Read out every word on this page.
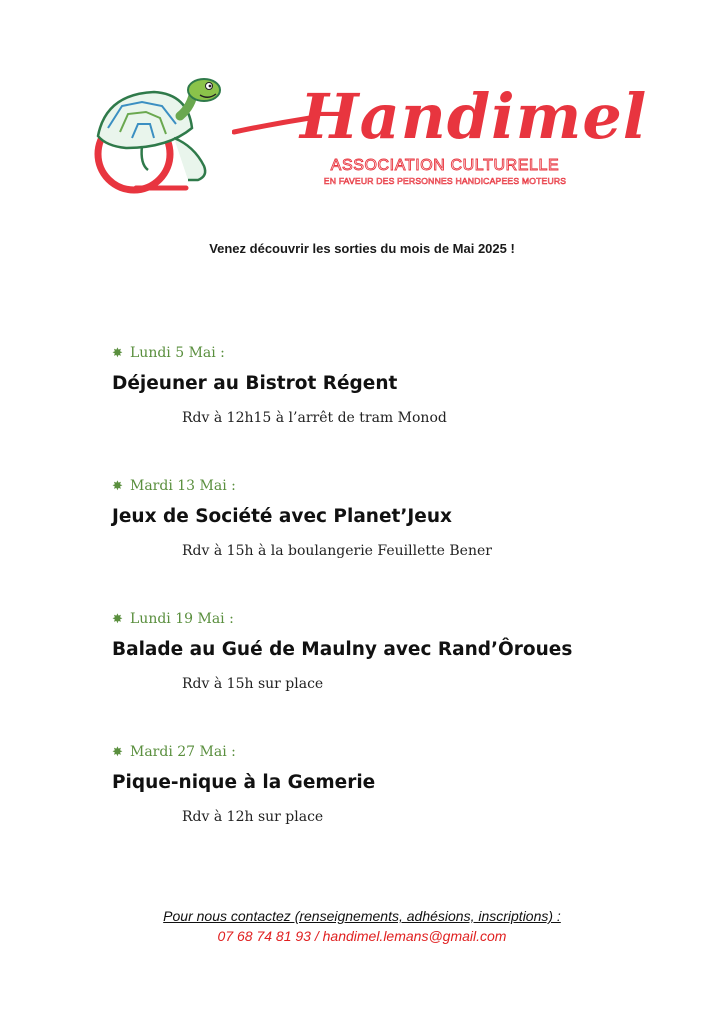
Handimel
ASSOCIATION CULTURELLE
EN FAVEUR DES PERSONNES HANDICAPEES MOTEURS
Venez découvrir les sorties du mois de Mai 2025 !
✸ Lundi 5 Mai :
Déjeuner au Bistrot Régent
Rdv à 12h15 à l’arrêt de tram Monod
✸ Mardi 13 Mai :
Jeux de Société avec Planet’Jeux
Rdv à 15h à la boulangerie Feuillette Bener
✸ Lundi 19 Mai :
Balade au Gué de Maulny avec Rand’Ôroues
Rdv à 15h sur place
✸ Mardi 27 Mai :
Pique-nique à la Gemerie
Rdv à 12h sur place
Pour nous contactez (renseignements, adhésions, inscriptions) :
07 68 74 81 93 / handimel.lemans@gmail.com
